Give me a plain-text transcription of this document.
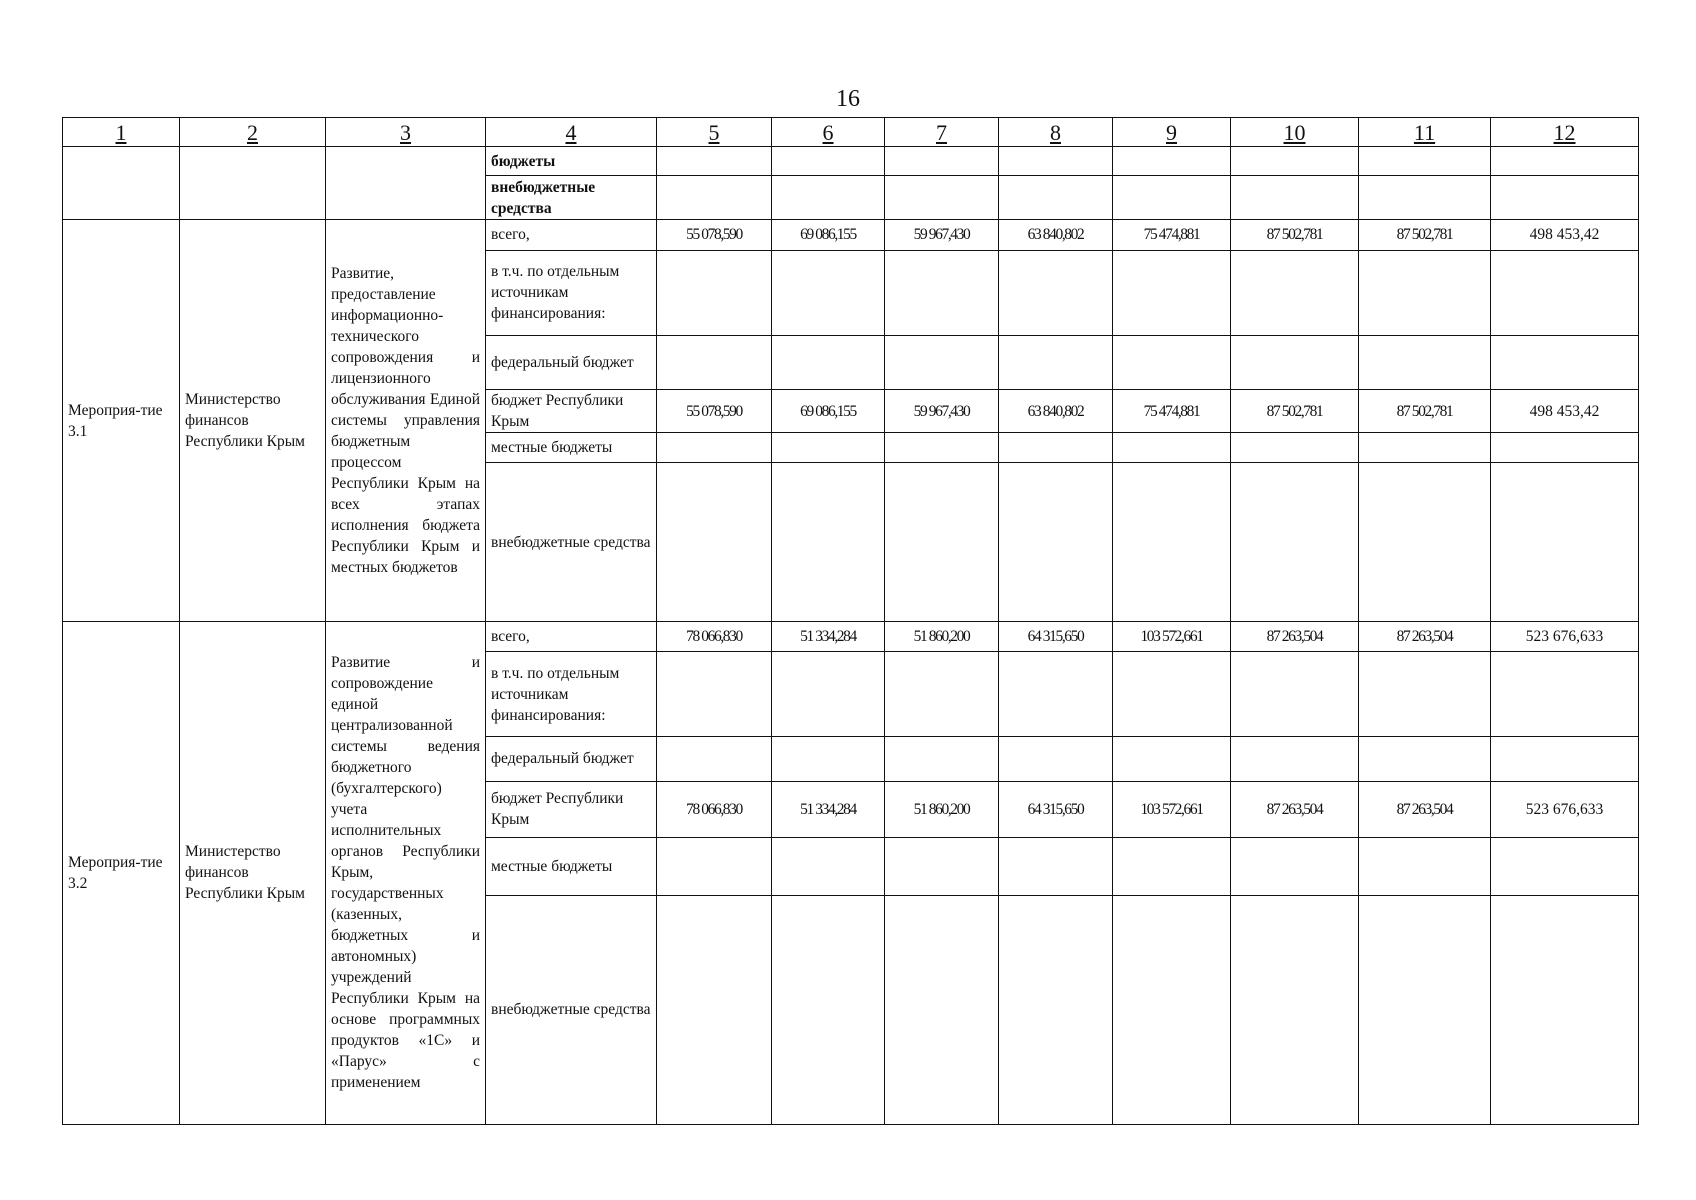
16
1	2	3	4	5	6	7	8	9	10	11	12
			бюджеты								
			внебюджетные средства								
Мероприя-тие 3.1	Министерство финансов Республики Крым	Развитие, предоставление информационно-технического сопровождения и лицензионного обслуживания Единой системы управления бюджетным процессом Республики Крым на всех этапах исполнения бюджета Республики Крым и местных бюджетов	всего,	55 078,590	69 086,155	59 967,430	63 840,802	75 474,881	87 502,781	87 502,781	498 453,42
			в т.ч. по отдельным источникам финансирования:								
			федеральный бюджет								
			бюджет Республики Крым	55 078,590	69 086,155	59 967,430	63 840,802	75 474,881	87 502,781	87 502,781	498 453,42
			местные бюджеты								
			внебюджетные средства								
Мероприя-тие 3.2	Министерство финансов Республики Крым	Развитие и сопровождение единой централизованной системы ведения бюджетного (бухгалтерского) учета исполнительных органов Республики Крым, государственных (казенных, бюджетных и автономных) учреждений Республики Крым на основе программных продуктов «1С» и «Парус» с применением	всего,	78 066,830	51 334,284	51 860,200	64 315,650	103 572,661	87 263,504	87 263,504	523 676,633
			в т.ч. по отдельным источникам финансирования:								
			федеральный бюджет								
			бюджет Республики Крым	78 066,830	51 334,284	51 860,200	64 315,650	103 572,661	87 263,504	87 263,504	523 676,633
			местные бюджеты								
			внебюджетные средства								
